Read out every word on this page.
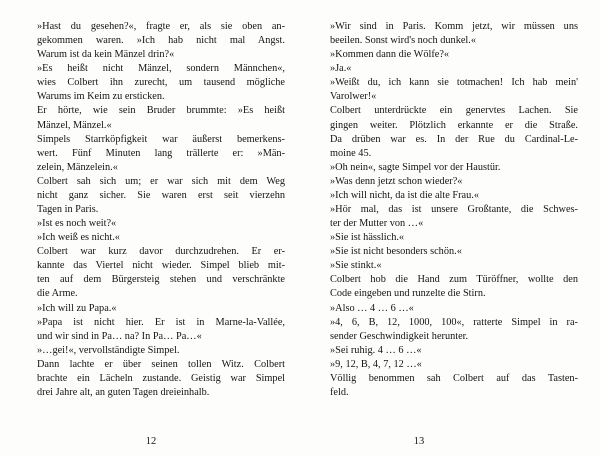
»Hast du gesehen?«, fragte er, als sie oben an-
gekommen waren. »Ich hab nicht mal Angst.
Warum ist da kein Mänzel drin?«
»Es heißt nicht Mänzel, sondern Männchen«,
wies Colbert ihn zurecht, um tausend mögliche
Warums im Keim zu ersticken.
Er hörte, wie sein Bruder brummte: »Es heißt
Mänzel, Mänzel.«
Simpels Starrköpfigkeit war äußerst bemerkens-
wert. Fünf Minuten lang trällerte er: »Män-
zelein, Mänzelein.«
Colbert sah sich um; er war sich mit dem Weg
nicht ganz sicher. Sie waren erst seit vierzehn
Tagen in Paris.
»Ist es noch weit?«
»Ich weiß es nicht.«
Colbert war kurz davor durchzudrehen. Er er-
kannte das Viertel nicht wieder. Simpel blieb mit-
ten auf dem Bürgersteig stehen und verschränkte
die Arme.
»Ich will zu Papa.«
»Papa ist nicht hier. Er ist in Marne-la-Vallée,
und wir sind in Pa… na? In Pa… Pa…«
»…gei!«, vervollständigte Simpel.
Dann lachte er über seinen tollen Witz. Colbert
brachte ein Lächeln zustande. Geistig war Simpel
drei Jahre alt, an guten Tagen dreieinhalb.
12
»Wir sind in Paris. Komm jetzt, wir müssen uns
beeilen. Sonst wird's noch dunkel.«
»Kommen dann die Wölfe?«
»Ja.«
»Weißt du, ich kann sie totmachen! Ich hab mein'
Varolwer!«
Colbert unterdrückte ein genervtes Lachen. Sie
gingen weiter. Plötzlich erkannte er die Straße.
Da drüben war es. In der Rue du Cardinal-Le-
moine 45.
»Oh nein«, sagte Simpel vor der Haustür.
»Was denn jetzt schon wieder?«
»Ich will nicht, da ist die alte Frau.«
»Hör mal, das ist unsere Großtante, die Schwes-
ter der Mutter von …«
»Sie ist hässlich.«
»Sie ist nicht besonders schön.«
»Sie stinkt.«
Colbert hob die Hand zum Türöffner, wollte den
Code eingeben und runzelte die Stirn.
»Also … 4 … 6 …«
»4, 6, B, 12, 1000, 100«, ratterte Simpel in ra-
sender Geschwindigkeit herunter.
»Sei ruhig. 4 … 6 …«
»9, 12, B, 4, 7, 12 …«
Völlig benommen sah Colbert auf das Tasten-
feld.
13
